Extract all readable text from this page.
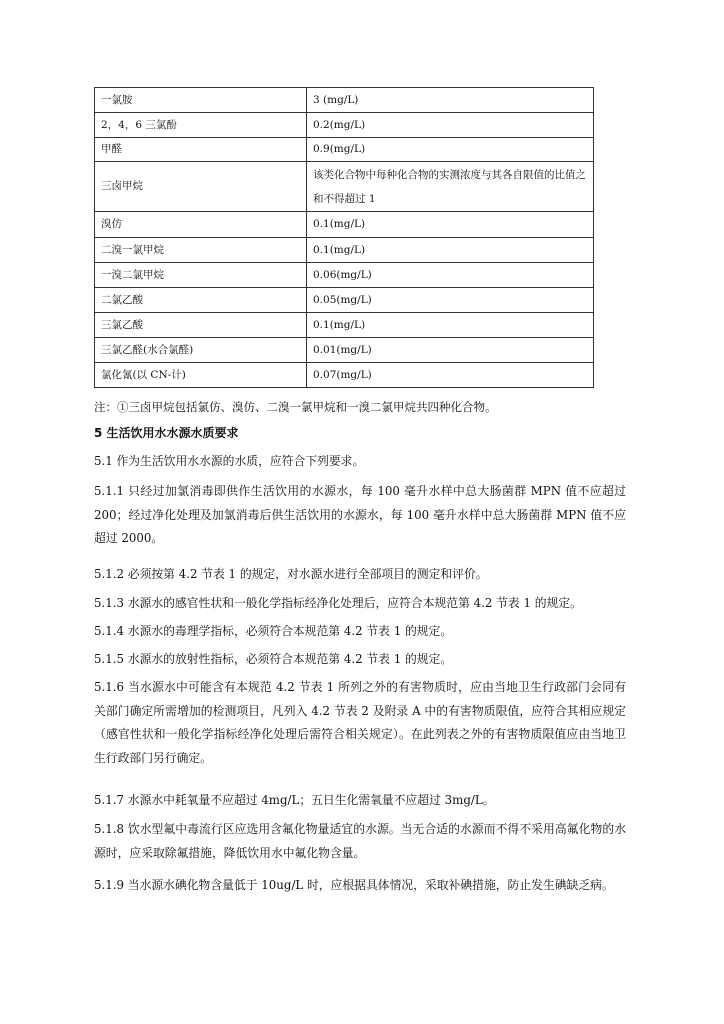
一氯胺	3 (mg/L)
2，4，6 三氯酚	0.2(mg/L)
甲醛	0.9(mg/L)
三卤甲烷	该类化合物中每种化合物的实测浓度与其各自限值的比值之和不得超过 1
溴仿	0.1(mg/L)
二溴一氯甲烷	0.1(mg/L)
一溴二氯甲烷	0.06(mg/L)
二氯乙酸	0.05(mg/L)
三氯乙酸	0.1(mg/L)
三氯乙醛(水合氯醛)	0.01(mg/L)
氯化氰(以 CN-计)	0.07(mg/L)
注：①三卤甲烷包括氯仿、溴仿、二溴一氯甲烷和一溴二氯甲烷共四种化合物。
5 生活饮用水水源水质要求

5.1 作为生活饮用水水源的水质，应符合下列要求。

5.1.1 只经过加氯消毒即供作生活饮用的水源水，每 100 毫升水样中总大肠菌群 MPN 值不应超过 200；经过净化处理及加氯消毒后供生活饮用的水源水，每 100 毫升水样中总大肠菌群 MPN 值不应超过 2000。

5.1.2 必须按第 4.2 节表 1 的规定，对水源水进行全部项目的测定和评价。

5.1.3 水源水的感官性状和一般化学指标经净化处理后，应符合本规范第 4.2 节表 1 的规定。

5.1.4 水源水的毒理学指标，必须符合本规范第 4.2 节表 1 的规定。

5.1.5 水源水的放射性指标，必须符合本规范第 4.2 节表 1 的规定。

5.1.6 当水源水中可能含有本规范 4.2 节表 1 所列之外的有害物质时，应由当地卫生行政部门会同有关部门确定所需增加的检测项目，凡列入 4.2 节表 2 及附录 A 中的有害物质限值，应符合其相应规定（感官性状和一般化学指标经净化处理后需符合相关规定）。在此列表之外的有害物质限值应由当地卫生行政部门另行确定。

5.1.7 水源水中耗氧量不应超过 4mg/L；五日生化需氧量不应超过 3mg/L。

5.1.8 饮水型氟中毒流行区应选用含氟化物量适宜的水源。当无合适的水源而不得不采用高氟化物的水源时，应采取除氟措施，降低饮用水中氟化物含量。

5.1.9 当水源水碘化物含量低于 10ug/L 时，应根据具体情况，采取补碘措施，防止发生碘缺乏病。
